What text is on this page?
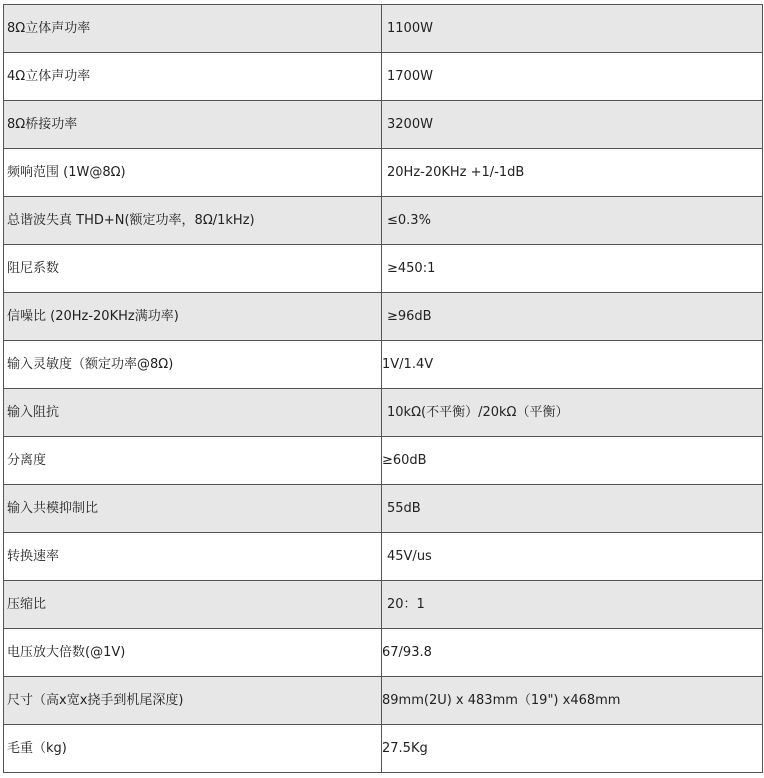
8Ω立体声功率	1100W
4Ω立体声功率	1700W
8Ω桥接功率	3200W
频响范围 (1W@8Ω)	20Hz-20KHz +1/-1dB
总谐波失真 THD+N(额定功率，8Ω/1kHz)	≤0.3%
阻尼系数	≥450:1
信噪比 (20Hz-20KHz满功率)	≥96dB
输入灵敏度（额定功率@8Ω)	1V/1.4V
输入阻抗	10kΩ(不平衡）/20kΩ（平衡）
分离度	≥60dB
输入共模抑制比	55dB
转换速率	45V/us
压缩比	20：1
电压放大倍数(@1V)	67/93.8
尺寸（高x宽x挠手到机尾深度)	89mm(2U) x 483mm（19") x468mm
毛重（kg)	27.5Kg
